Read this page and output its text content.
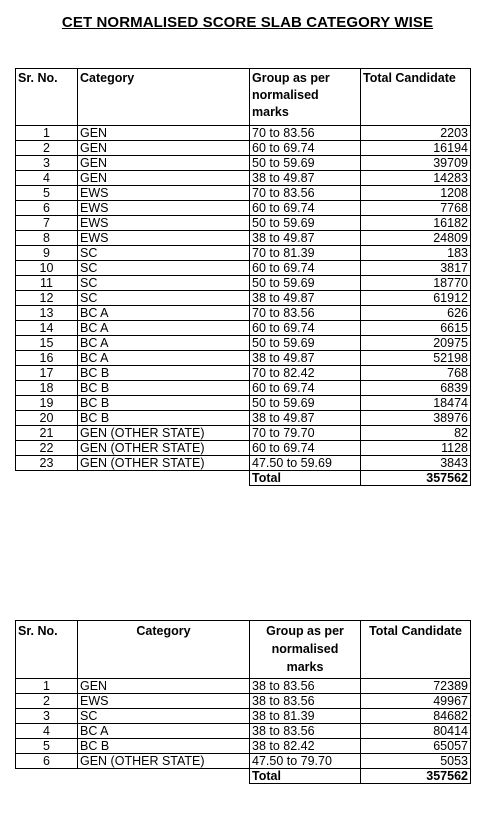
CET NORMALISED SCORE SLAB CATEGORY WISE
Sr. No.	Category	Group as per normalised marks	Total Candidate
1	GEN	70 to 83.56	2203
2	GEN	60 to 69.74	16194
3	GEN	50 to 59.69	39709
4	GEN	38 to 49.87	14283
5	EWS	70 to 83.56	1208
6	EWS	60 to 69.74	7768
7	EWS	50 to 59.69	16182
8	EWS	38 to 49.87	24809
9	SC	70 to 81.39	183
10	SC	60 to 69.74	3817
11	SC	50 to 59.69	18770
12	SC	38 to 49.87	61912
13	BC A	70 to 83.56	626
14	BC A	60 to 69.74	6615
15	BC A	50 to 59.69	20975
16	BC A	38 to 49.87	52198
17	BC B	70 to 82.42	768
18	BC B	60 to 69.74	6839
19	BC B	50 to 59.69	18474
20	BC B	38 to 49.87	38976
21	GEN (OTHER STATE)	70 to 79.70	82
22	GEN (OTHER STATE)	60 to 69.74	1128
23	GEN (OTHER STATE)	47.50 to 59.69	3843
		Total	357562
Sr. No.	Category	Group as per normalised marks	Total Candidate
1	GEN	38 to 83.56	72389
2	EWS	38 to 83.56	49967
3	SC	38 to 81.39	84682
4	BC A	38 to 83.56	80414
5	BC B	38 to 82.42	65057
6	GEN (OTHER STATE)	47.50 to 79.70	5053
		Total	357562
